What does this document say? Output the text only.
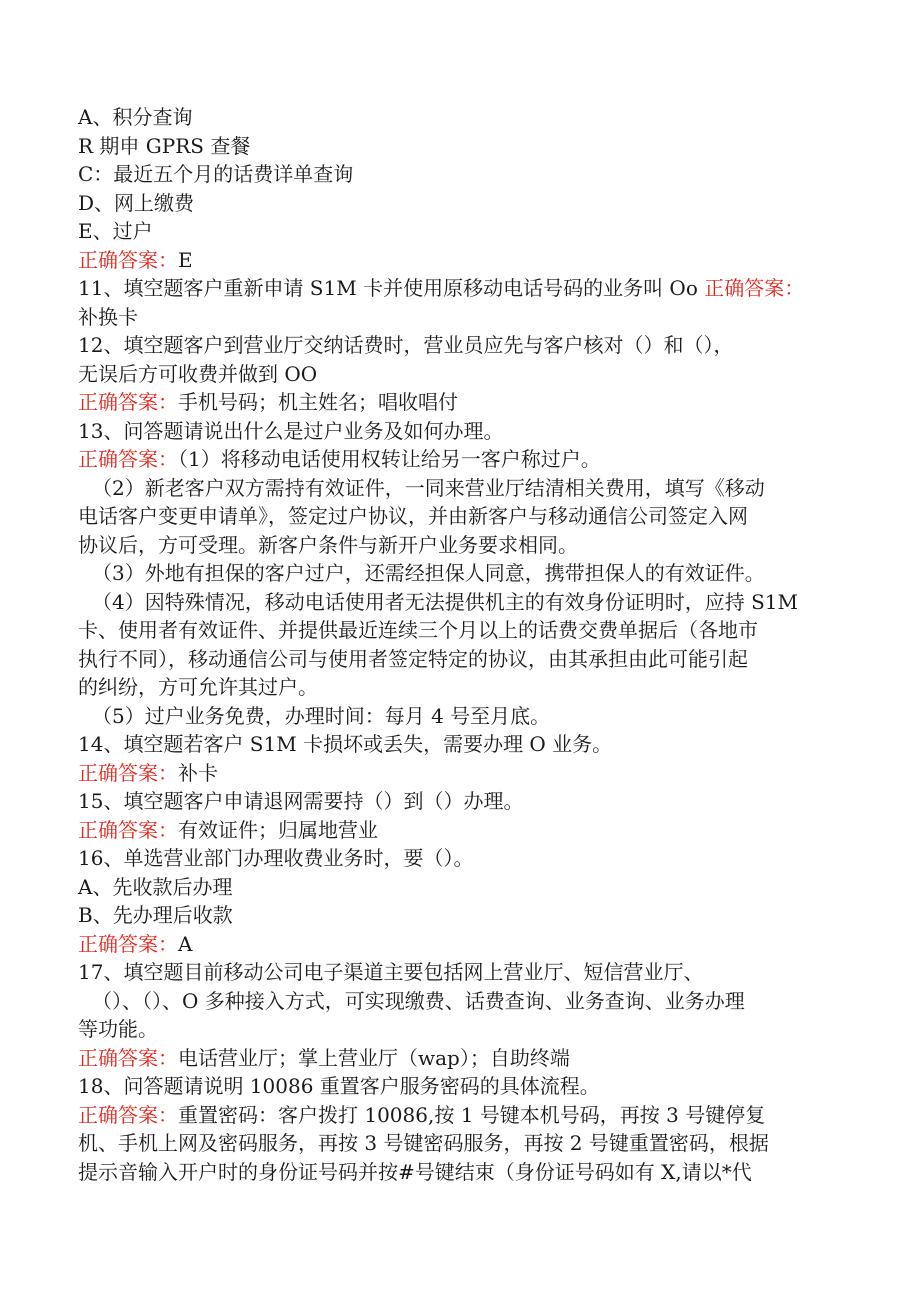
A、积分查询
R 期申 GPRS 查餐
C：最近五个月的话费详单查询
D、网上缴费
E、过户
正确答案：E
11、填空题客户重新申请 S1M 卡并使用原移动电话号码的业务叫 Oo 正确答案：
补换卡
12、填空题客户到营业厅交纳话费时，营业员应先与客户核对（）和（），
无误后方可收费并做到 OO
正确答案：手机号码；机主姓名；唱收唱付
13、问答题请说出什么是过户业务及如何办理。
正确答案：（1）将移动电话使用权转让给另一客户称过户。
（2）新老客户双方需持有效证件，一同来营业厅结清相关费用，填写《移动
电话客户变更申请单》，签定过户协议，并由新客户与移动通信公司签定入网
协议后，方可受理。新客户条件与新开户业务要求相同。
（3）外地有担保的客户过户，还需经担保人同意，携带担保人的有效证件。
（4）因特殊情况，移动电话使用者无法提供机主的有效身份证明时，应持 S1M
卡、使用者有效证件、并提供最近连续三个月以上的话费交费单据后（各地市
执行不同），移动通信公司与使用者签定特定的协议，由其承担由此可能引起
的纠纷，方可允许其过户。
（5）过户业务免费，办理时间：每月 4 号至月底。
14、填空题若客户 S1M 卡损坏或丢失，需要办理 O 业务。
正确答案：补卡
15、填空题客户申请退网需要持（）到（）办理。
正确答案：有效证件；归属地营业
16、单选营业部门办理收费业务时，要（）。
A、先收款后办理
B、先办理后收款
正确答案：A
17、填空题目前移动公司电子渠道主要包括网上营业厅、短信营业厅、
（）、（）、O 多种接入方式，可实现缴费、话费查询、业务查询、业务办理
等功能。
正确答案：电话营业厅；掌上营业厅（wap）；自助终端
18、问答题请说明 10086 重置客户服务密码的具体流程。
正确答案：重置密码：客户拨打 10086,按 1 号键本机号码，再按 3 号键停复
机、手机上网及密码服务，再按 3 号键密码服务，再按 2 号键重置密码，根据
提示音输入开户时的身份证号码并按#号键结束（身份证号码如有 X,请以*代
